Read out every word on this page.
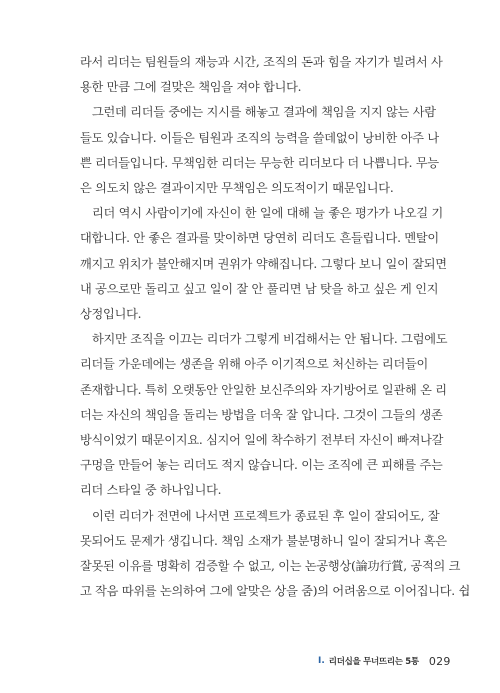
라서 리더는 팀원들의 재능과 시간, 조직의 돈과 힘을 자기가 빌려서 사
용한 만큼 그에 걸맞은 책임을 져야 합니다.
그런데 리더들 중에는 지시를 해놓고 결과에 책임을 지지 않는 사람
들도 있습니다. 이들은 팀원과 조직의 능력을 쓸데없이 낭비한 아주 나
쁜 리더들입니다. 무책임한 리더는 무능한 리더보다 더 나쁩니다. 무능
은 의도치 않은 결과이지만 무책임은 의도적이기 때문입니다.
리더 역시 사람이기에 자신이 한 일에 대해 늘 좋은 평가가 나오길 기
대합니다. 안 좋은 결과를 맞이하면 당연히 리더도 흔들립니다. 멘탈이
깨지고 위치가 불안해지며 권위가 약해집니다. 그렇다 보니 일이 잘되면
내 공으로만 돌리고 싶고 일이 잘 안 풀리면 남 탓을 하고 싶은 게 인지
상정입니다.
하지만 조직을 이끄는 리더가 그렇게 비겁해서는 안 됩니다. 그럼에도
리더들 가운데에는 생존을 위해 아주 이기적으로 처신하는 리더들이
존재합니다. 특히 오랫동안 안일한 보신주의와 자기방어로 일관해 온 리
더는 자신의 책임을 돌리는 방법을 더욱 잘 압니다. 그것이 그들의 생존
방식이었기 때문이지요. 심지어 일에 착수하기 전부터 자신이 빠져나갈
구멍을 만들어 놓는 리더도 적지 않습니다. 이는 조직에 큰 피해를 주는
리더 스타일 중 하나입니다.
이런 리더가 전면에 나서면 프로젝트가 종료된 후 일이 잘되어도, 잘
못되어도 문제가 생깁니다. 책임 소재가 불분명하니 일이 잘되거나 혹은
잘못된 이유를 명확히 검증할 수 없고, 이는 논공행상(論功行賞, 공적의 크
고 작음 따위를 논의하여 그에 알맞은 상을 줌)의 어려움으로 이어집니다. 쉽
I. 리더십을 무너뜨리는 5통 029
